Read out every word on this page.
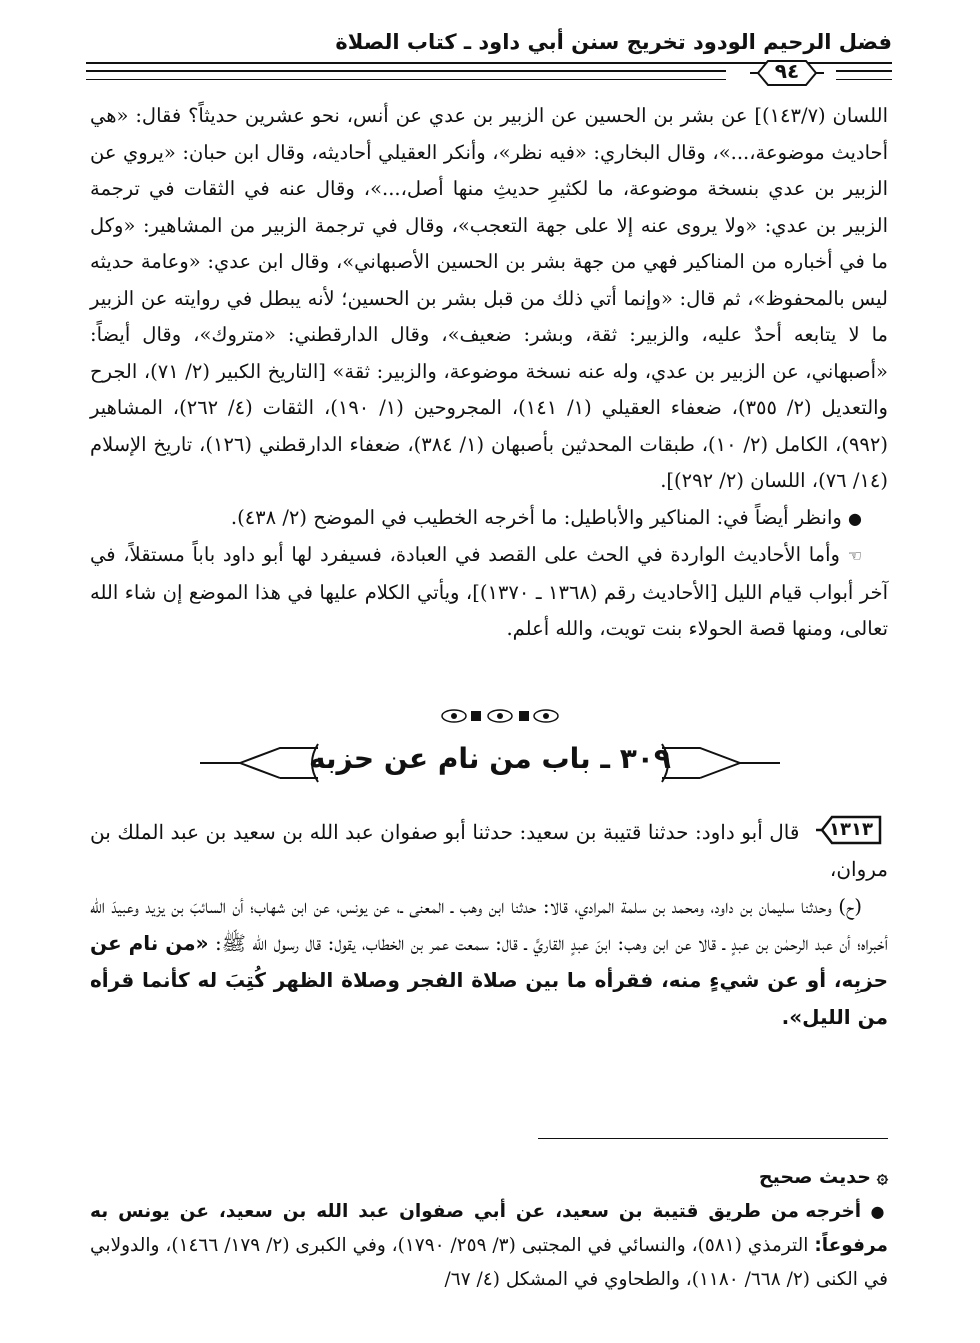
فضل الرحيم الودود تخريج سنن أبي داود ـ كتاب الصلاة
٩٤

اللسان (١٤٣/٧)] عن بشر بن الحسين عن الزبير بن عدي عن أنس، نحو عشرين حديثاً؟ فقال: «هي أحاديث موضوعة،...»، وقال البخاري: «فيه نظر»، وأنكر العقيلي أحاديثه، وقال ابن حبان: «يروي عن الزبير بن عدي بنسخة موضوعة، ما لكثيرِ حديثِ منها أصل،...»، وقال عنه في الثقات في ترجمة الزبير بن عدي: «ولا يروى عنه إلا على جهة التعجب»، وقال في ترجمة الزبير من المشاهير: «وكل ما في أخباره من المناكير فهي من جهة بشر بن الحسين الأصبهاني»، وقال ابن عدي: «وعامة حديثه ليس بالمحفوظ»، ثم قال: «وإنما أتي ذلك من قبل بشر بن الحسين؛ لأنه يبطل في روايته عن الزبير ما لا يتابعه أحدٌ عليه، والزبير: ثقة، وبشر: ضعيف»، وقال الدارقطني: «متروك»، وقال أيضاً: «أصبهاني، عن الزبير بن عدي، وله عنه نسخة موضوعة، والزبير: ثقة» [التاريخ الكبير (٢/ ٧١)، الجرح والتعديل (٢/ ٣٥٥)، ضعفاء العقيلي (١/ ١٤١)، المجروحين (١/ ١٩٠)، الثقات (٤/ ٢٦٢)، المشاهير (٩٩٢)، الكامل (٢/ ١٠)، طبقات المحدثين بأصبهان (١/ ٣٨٤)، ضعفاء الدارقطني (١٢٦)، تاريخ الإسلام (١٤/ ٧٦)، اللسان (٢/ ٢٩٢)].

● وانظر أيضاً في: المناكير والأباطيل: ما أخرجه الخطيب في الموضح (٢/ ٤٣٨).

☜ وأما الأحاديث الواردة في الحث على القصد في العبادة، فسيفرد لها أبو داود باباً مستقلاً، في آخر أبواب قيام الليل [الأحاديث رقم (١٣٦٨ ـ ١٣٧٠)]، ويأتي الكلام عليها في هذا الموضع إن شاء الله تعالى، ومنها قصة الحولاء بنت تويت، والله أعلم.

٣٠٩ ـ باب من نام عن حزبه

١٣١٣
قال أبو داود: حدثنا قتيبة بن سعيد: حدثنا أبو صفوان عبد الله بن سعيد بن عبد الملك بن مروان،

(ح) وحدثنا سليمان بن داود، ومحمد بن سلمة المرادي، قالا: حدثنا ابن وهب ـ المعنى ـ، عن يونس، عن ابن شهاب؛ أن السائبَ بن يزيد وعبيدَ الله أخبراه؛ أن عبد الرحمٰن بن عبدٍ ـ قالا عن ابن وهب: ابنَ عبدٍ القاريَّ ـ قال: سمعت عمر بن الخطاب، يقول: قال رسول الله ﷺ: «من نام عن حزبِه، أو عن شيءٍ منه، فقرأه ما بين صلاة الفجر وصلاة الظهر كُتِبَ له كأنما قرأه من الليل».

۞ حديث صحيح

● أخرجه من طريق قتيبة بن سعيد، عن أبي صفوان عبد الله بن سعيد، عن يونس به مرفوعاً: الترمذي (٥٨١)، والنسائي في المجتبى (٣/ ٢٥٩/ ١٧٩٠)، وفي الكبرى (٢/ ١٧٩/ ١٤٦٦)، والدولابي في الكنى (٢/ ٦٦٨/ ١١٨٠)، والطحاوي في المشكل (٤/ ٦٧/
